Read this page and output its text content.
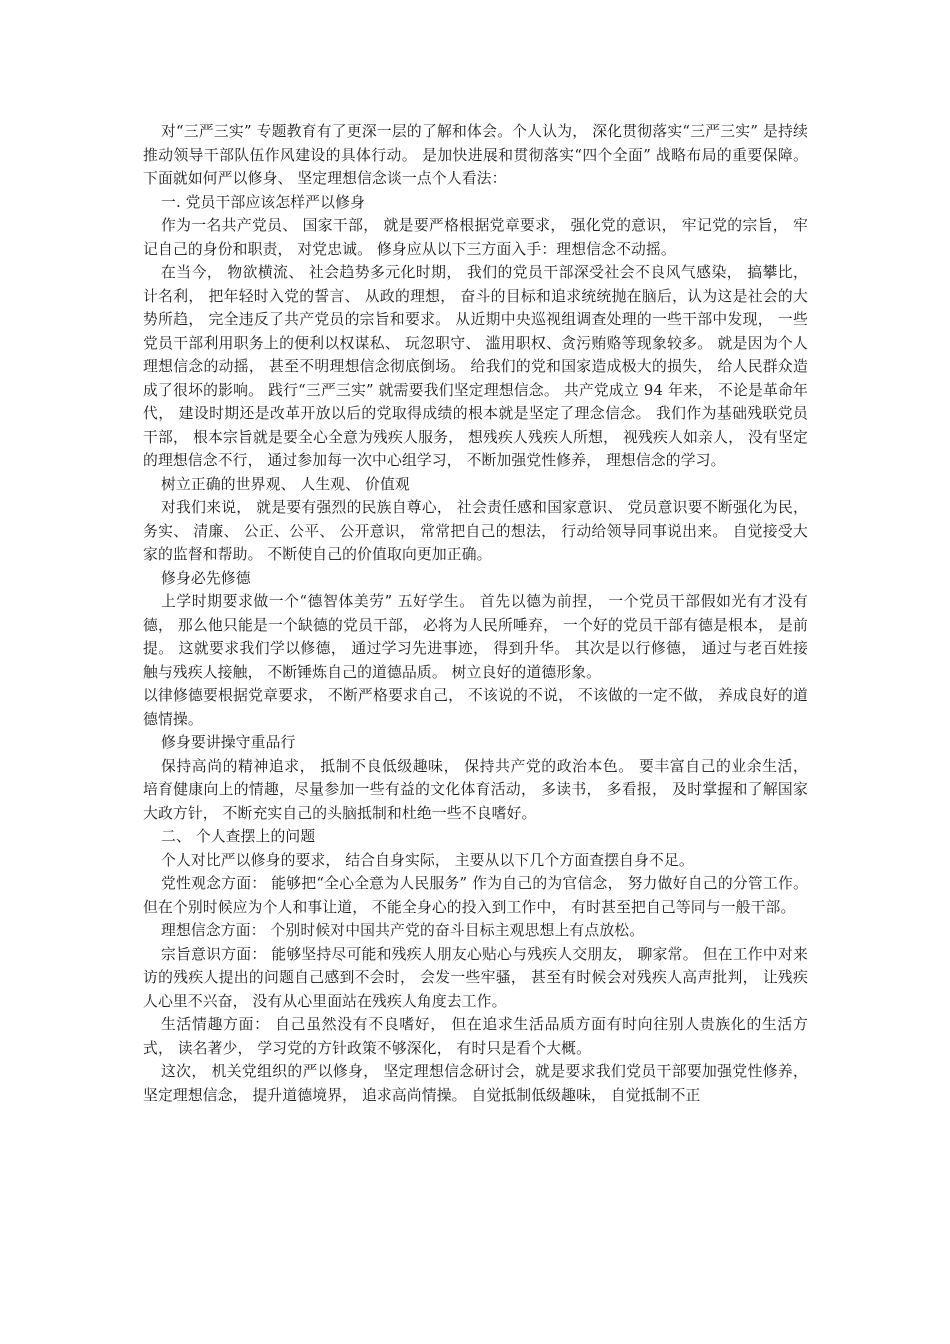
对“三严三实” 专题教育有了更深一层的了解和体会。个人认为， 深化贯彻落实“三严三实” 是持续推动领导干部队伍作风建设的具体行动。 是加快进展和贯彻落实“四个全面” 战略布局的重要保障。 下面就如何严以修身、 坚定理想信念谈一点个人看法：

一. 党员干部应该怎样严以修身

作为一名共产党员、 国家干部， 就是要严格根据党章要求， 强化党的意识， 牢记党的宗旨， 牢记自己的身份和职责， 对党忠诚。 修身应从以下三方面入手：理想信念不动摇。

在当今， 物欲横流、 社会趋势多元化时期， 我们的党员干部深受社会不良风气感染， 搞攀比， 计名利， 把年轻时入党的誓言、 从政的理想， 奋斗的目标和追求统统抛在脑后，认为这是社会的大势所趋， 完全违反了共产党员的宗旨和要求。 从近期中央巡视组调查处理的一些干部中发现， 一些党员干部利用职务上的便利以权谋私、 玩忽职守、 滥用职权、贪污贿赂等现象较多。 就是因为个人理想信念的动摇， 甚至不明理想信念彻底倒场。 给我们的党和国家造成极大的损失， 给人民群众造成了很坏的影响。 践行“三严三实” 就需要我们坚定理想信念。 共产党成立 94 年来， 不论是革命年代， 建设时期还是改革开放以后的党取得成绩的根本就是坚定了理念信念。 我们作为基础残联党员干部， 根本宗旨就是要全心全意为残疾人服务， 想残疾人残疾人所想， 视残疾人如亲人， 没有坚定的理想信念不行， 通过参加每一次中心组学习， 不断加强党性修养， 理想信念的学习。

树立正确的世界观、 人生观、 价值观

对我们来说， 就是要有强烈的民族自尊心， 社会责任感和国家意识、 党员意识要不断强化为民， 务实、 清廉、 公正、公平、 公开意识， 常常把自己的想法， 行动给领导同事说出来。 自觉接受大家的监督和帮助。 不断使自己的价值取向更加正确。

修身必先修德

上学时期要求做一个“德智体美劳” 五好学生。 首先以德为前捏， 一个党员干部假如光有才没有德， 那么他只能是一个缺德的党员干部， 必将为人民所唾弃， 一个好的党员干部有德是根本， 是前提。 这就要求我们学以修德， 通过学习先进事迹， 得到升华。 其次是以行修德， 通过与老百姓接触与残疾人接触， 不断锤炼自己的道德品质。 树立良好的道德形象。

以律修德要根据党章要求， 不断严格要求自己， 不该说的不说， 不该做的一定不做， 养成良好的道德情操。

修身要讲操守重品行

保持高尚的精神追求， 抵制不良低级趣味， 保持共产党的政治本色。 要丰富自己的业余生活， 培育健康向上的情趣，尽量参加一些有益的文化体育活动， 多读书， 多看报， 及时掌握和了解国家大政方针， 不断充实自己的头脑抵制和杜绝一些不良嗜好。

二、 个人查摆上的问题

个人对比严以修身的要求， 结合自身实际， 主要从以下几个方面查摆自身不足。

党性观念方面： 能够把“全心全意为人民服务” 作为自己的为官信念， 努力做好自己的分管工作。 但在个别时候应为个人和事让道， 不能全身心的投入到工作中， 有时甚至把自己等同与一般干部。

理想信念方面： 个别时候对中国共产党的奋斗目标主观思想上有点放松。

宗旨意识方面： 能够坚持尽可能和残疾人朋友心贴心与残疾人交朋友， 聊家常。 但在工作中对来访的残疾人提出的问题自己感到不会时， 会发一些牢骚， 甚至有时候会对残疾人高声批判， 让残疾人心里不兴奋， 没有从心里面站在残疾人角度去工作。

生活情趣方面： 自己虽然没有不良嗜好， 但在追求生活品质方面有时向往别人贵族化的生活方式， 读名著少， 学习党的方针政策不够深化， 有时只是看个大概。

这次， 机关党组织的严以修身， 坚定理想信念研讨会，就是要求我们党员干部要加强党性修养， 坚定理想信念， 提升道德境界， 追求高尚情操。 自觉抵制低级趣味， 自觉抵制不正
